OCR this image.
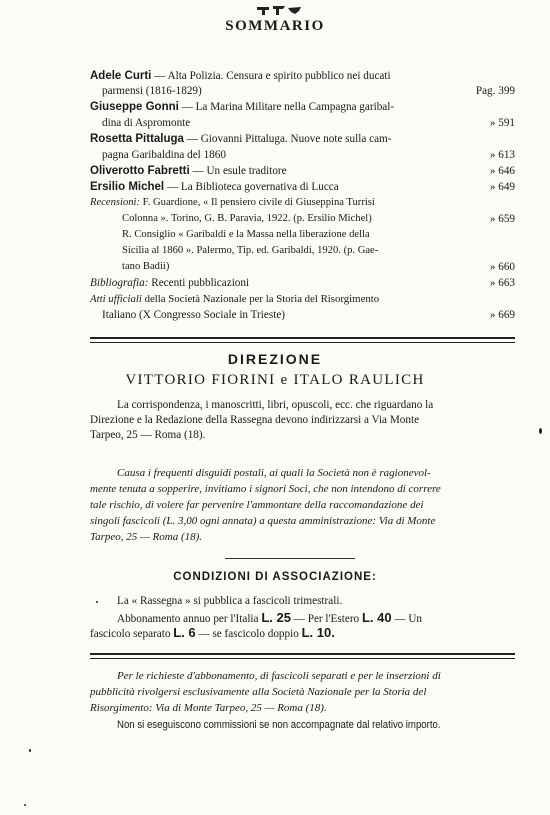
SOMMARIO
Adele Curti — Alta Polizia. Censura e spirito pubblico nei ducati
parmensi (1816-1829)	Pag. 399
Giuseppe Gonni — La Marina Militare nella Campagna garibal-
dina di Aspromonte	» 591
Rosetta Pittaluga — Giovanni Pittaluga. Nuove note sulla cam-
pagna Garibaldina del 1860	» 613
Oliverotto Fabretti — Un esule traditore	» 646
Ersilio Michel — La Biblioteca governativa di Lucca	» 649
Recensioni: F. Guardione, « Il pensiero civile di Giuseppina Turrisi
Colonna ». Torino, G. B. Paravia, 1922. (p. Ersilio Michel)	» 659
R. Consiglio « Garibaldi e la Massa nella liberazione della
Sicilia al 1860 ». Palermo, Tip. ed. Garibaldi, 1920. (p. Gae-
tano Badii)	» 660
Bibliografia: Recenti pubblicazioni	» 663
Atti ufficiali della Società Nazionale per la Storia del Risorgimento
Italiano (X Congresso Sociale in Trieste)	» 669
DIREZIONE
VITTORIO FIORINI e ITALO RAULICH
La corrispondenza, i manoscritti, libri, opuscoli, ecc. che riguardano la
Direzione e la Redazione della Rassegna devono indirizzarsi a Via Monte
Tarpeo, 25 — Roma (18).
Causa i frequenti disguidi postali, ai quali la Società non è ragionevol-
mente tenuta a sopperire, invitiamo i signori Soci, che non intendono di correre
tale rischio, di volere far pervenire l'ammontare della raccomandazione dei
singoli fascicoli (L. 3,00 ogni annata) a questa amministrazione: Via di Monte
Tarpeo, 25 — Roma (18).
CONDIZIONI DI ASSOCIAZIONE:
La « Rassegna » si pubblica a fascicoli trimestrali.
Abbonamento annuo per l'Italia L. 25 — Per l'Estero L. 40 — Un
fascicolo separato L. 6 — se fascicolo doppio L. 10.
Per le richieste d'abbonamento, di fascicoli separati e per le inserzioni di
pubblicità rivolgersi esclusivamente alla Società Nazionale per la Storia del
Risorgimento: Via di Monte Tarpeo, 25 — Roma (18).
Non si eseguiscono commissioni se non accompagnate dal relativo importo.
